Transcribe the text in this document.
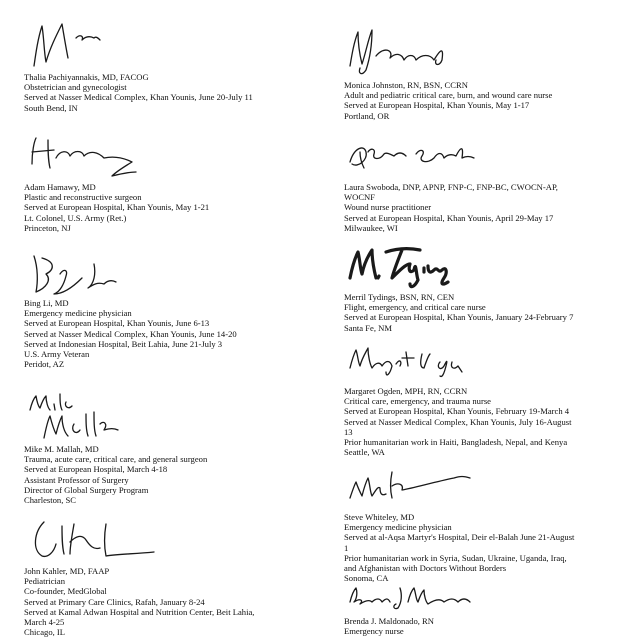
Thalia Pachiyannakis, MD, FACOG
Obstetrician and gynecologist
Served at Nasser Medical Complex, Khan Younis, June 20-July 11
South Bend, IN
Adam Hamawy, MD
Plastic and reconstructive surgeon
Served at European Hospital, Khan Younis, May 1-21
Lt. Colonel, U.S. Army (Ret.)
Princeton, NJ
Bing Li, MD
Emergency medicine physician
Served at European Hospital, Khan Younis, June 6-13
Served at Nasser Medical Complex, Khan Younis, June 14-20
Served at Indonesian Hospital, Beit Lahia, June 21-July 3
U.S. Army Veteran
Peridot, AZ
Mike M. Mallah, MD
Trauma, acute care, critical care, and general surgeon
Served at European Hospital, March 4-18
Assistant Professor of Surgery
Director of Global Surgery Program
Charleston, SC
John Kahler, MD, FAAP
Pediatrician
Co-founder, MedGlobal
Served at Primary Care Clinics, Rafah, January 8-24
Served at Kamal Adwan Hospital and Nutrition Center, Beit Lahia,
March 4-25
Chicago, IL
Monica Johnston, RN, BSN, CCRN
Adult and pediatric critical care, burn, and wound care nurse
Served at European Hospital, Khan Younis, May 1-17
Portland, OR
Laura Swoboda, DNP, APNP, FNP-C, FNP-BC, CWOCN-AP,
WOCNF
Wound nurse practitioner
Served at European Hospital, Khan Younis, April 29-May 17
Milwaukee, WI
Merril Tydings, BSN, RN, CEN
Flight, emergency, and critical care nurse
Served at European Hospital, Khan Younis, January 24-February 7
Santa Fe, NM
Margaret Ogden, MPH, RN, CCRN
Critical care, emergency, and trauma nurse
Served at European Hospital, Khan Younis, February 19-March 4
Served at Nasser Medical Complex, Khan Younis, July 16-August
13
Prior humanitarian work in Haiti, Bangladesh, Nepal, and Kenya
Seattle, WA
Steve Whiteley, MD
Emergency medicine physician
Served at al-Aqsa Martyr's Hospital, Deir el-Balah June 21-August
1
Prior humanitarian work in Syria, Sudan, Ukraine, Uganda, Iraq,
and Afghanistan with Doctors Without Borders
Sonoma, CA
Brenda J. Maldonado, RN
Emergency nurse
